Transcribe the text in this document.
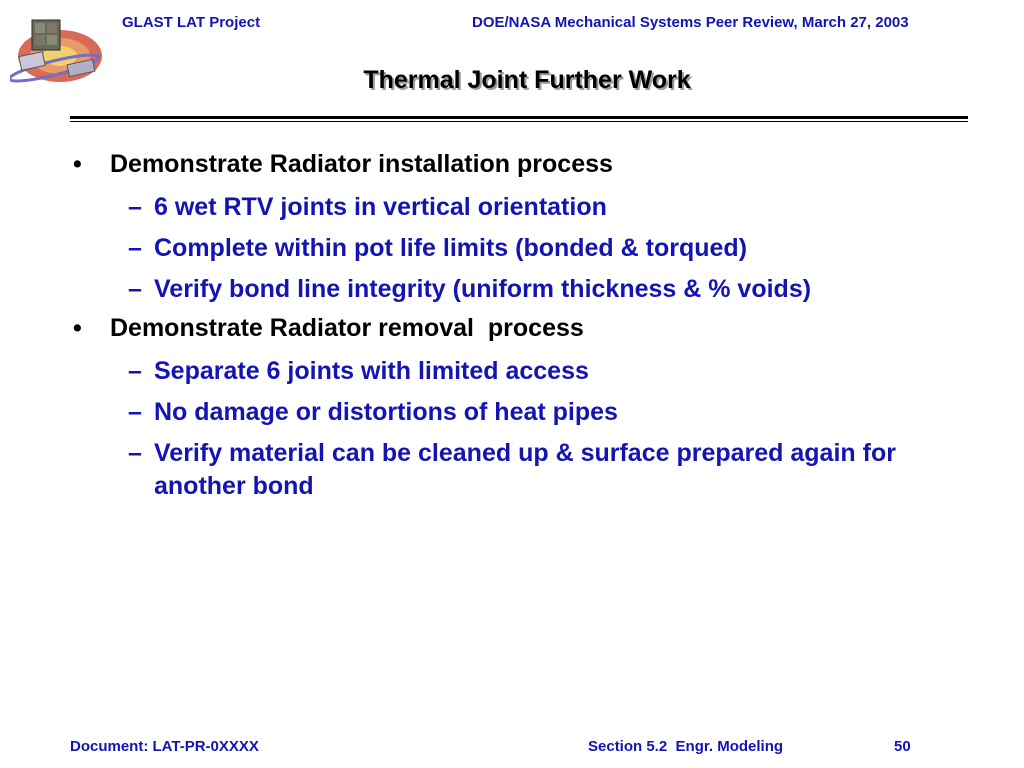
GLAST LAT Project	DOE/NASA Mechanical Systems Peer Review, March 27, 2003
Thermal Joint Further Work
• Demonstrate Radiator installation process
– 6 wet RTV joints in vertical orientation
– Complete within pot life limits (bonded & torqued)
– Verify bond line integrity (uniform thickness & % voids)
• Demonstrate Radiator removal  process
– Separate 6 joints with limited access
– No damage or distortions of heat pipes
– Verify material can be cleaned up & surface prepared again for another bond
Document: LAT-PR-0XXXX	Section 5.2  Engr. Modeling	50
